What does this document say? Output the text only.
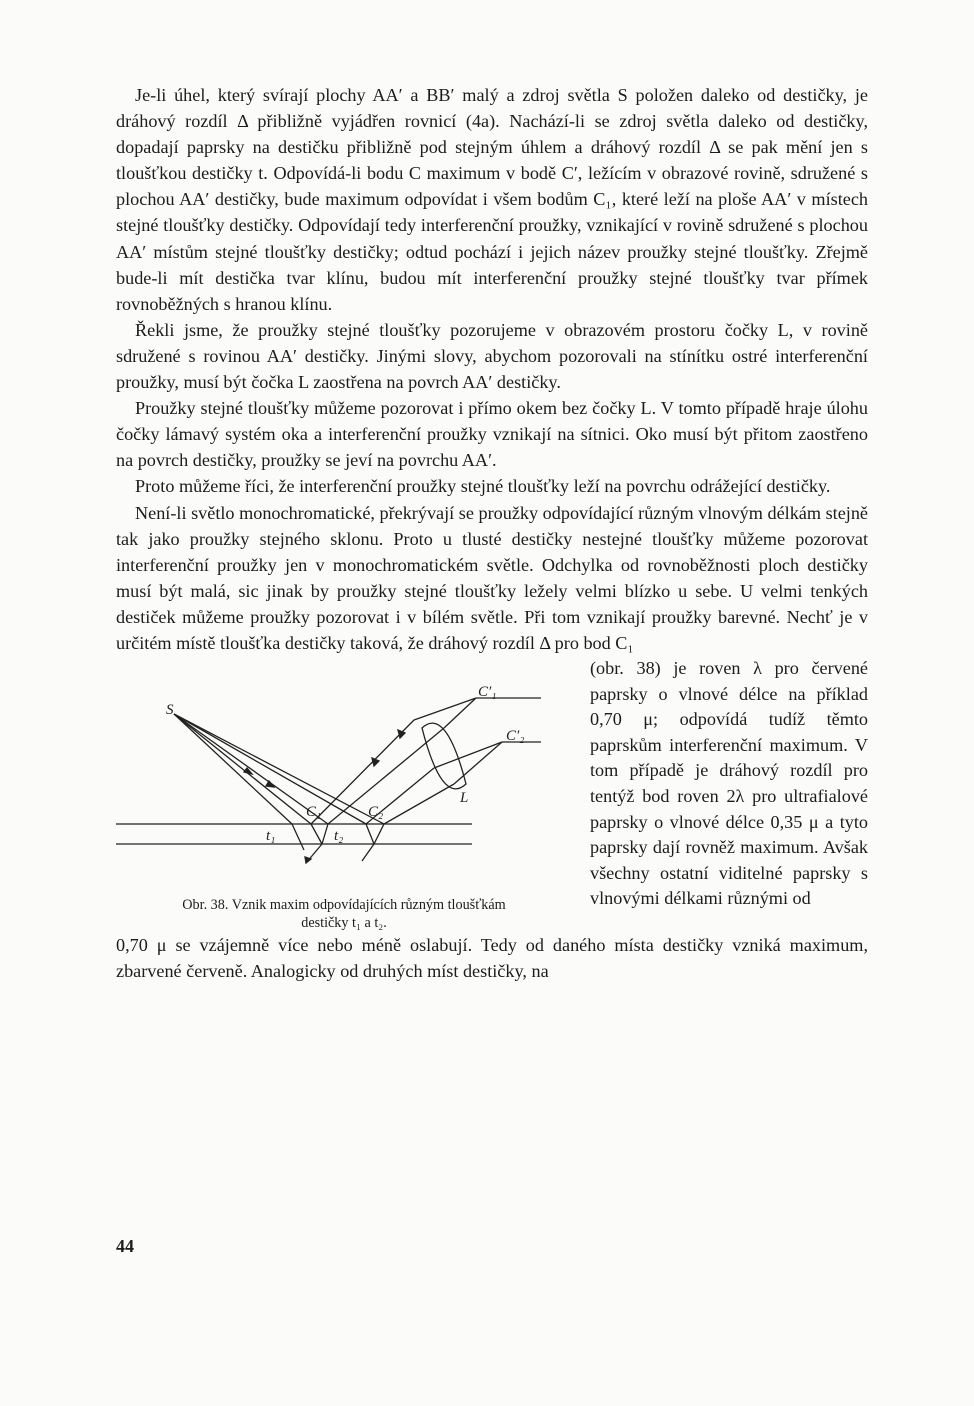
Je-li úhel, který svírají plochy AA′ a BB′ malý a zdroj světla S položen daleko od destičky, je dráhový rozdíl Δ přibližně vyjádřen rovnicí (4a). Nachází-li se zdroj světla daleko od destičky, dopadají paprsky na destičku přibližně pod stejným úhlem a dráhový rozdíl Δ se pak mění jen s tloušťkou destičky t. Odpovídá-li bodu C maximum v bodě C′, ležícím v obrazové rovině, sdružené s plochou AA′ destičky, bude maximum odpovídat i všem bodům C₁, které leží na ploše AA′ v místech stejné tloušťky destičky. Odpovídají tedy interferenční proužky, vznikající v rovině sdružené s plochou AA′ místům stejné tloušťky destičky; odtud pochází i jejich název proužky stejné tloušťky. Zřejmě bude-li mít destička tvar klínu, budou mít interferenční proužky stejné tloušťky tvar přímek rovnoběžných s hranou klínu.

Řekli jsme, že proužky stejné tloušťky pozorujeme v obrazovém prostoru čočky L, v rovině sdružené s rovinou AA′ destičky. Jinými slovy, abychom pozorovali na stínítku ostré interferenční proužky, musí být čočka L zaostřena na povrch AA′ destičky.

Proužky stejné tloušťky můžeme pozorovat i přímo okem bez čočky L. V tomto případě hraje úlohu čočky lámavý systém oka a interferenční proužky vznikají na sítnici. Oko musí být přitom zaostřeno na povrch destičky, proužky se jeví na povrchu AA′.

Proto můžeme říci, že interferenční proužky stejné tloušťky leží na povrchu odrážející destičky.

Není-li světlo monochromatické, překrývají se proužky odpovídající různým vlnovým délkám stejně tak jako proužky stejného sklonu. Proto u tlusté destičky nestejné tloušťky můžeme pozorovat interferenční proužky jen v monochromatickém světle. Odchylka od rovnoběžnosti ploch destičky musí být malá, sic jinak by proužky stejné tloušťky ležely velmi blízko u sebe. U velmi tenkých destiček můžeme proužky pozorovat i v bílém světle. Při tom vznikají proužky barevné. Nechť je v určitém místě tloušťka destičky taková, že dráhový rozdíl Δ pro bod C₁

S
C′₁
C′₂
L
C₁	C₂
t₁	t₂
Obr. 38. Vznik maxim odpovídajících různým tloušťkám
destičky t₁ a t₂.

(obr. 38) je roven λ pro červené paprsky o vlnové délce na příklad 0,70 μ; odpovídá tudíž těmto paprskům interferenční maximum. V tom případě je dráhový rozdíl pro tentýž bod roven 2λ pro ultrafialové paprsky o vlnové délce 0,35 μ a tyto paprsky dají rovněž maximum. Avšak všechny ostatní viditelné paprsky s vlnovými délkami různými od

0,70 μ se vzájemně více nebo méně oslabují. Tedy od daného místa destičky vzniká maximum, zbarvené červeně. Analogicky od druhých míst destičky, na

44
